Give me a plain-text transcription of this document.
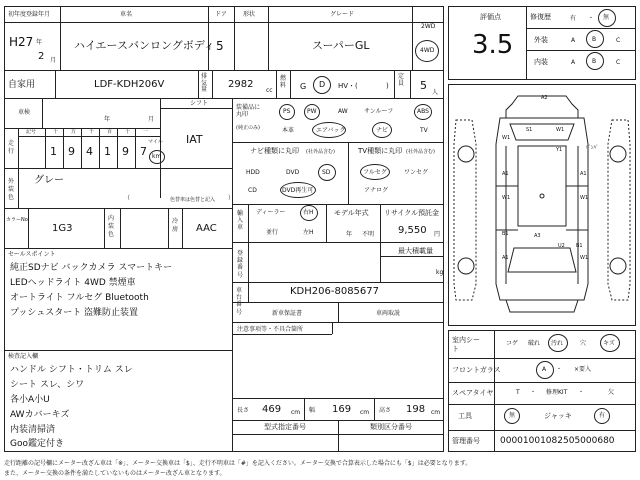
初年度登録年月	車名	ドア	形状	グレード
H27 年
2 月
ハイエースバンロングボディ 5	スーパーGL
2WD
4WD
自家用	LDF-KDH206V
排気量 2982
cc
燃料 G D HV・(	)
定員 5
人
車検
年	月
シフト
IAT
走行
記号	十	万	千	百	十	一
1 9 4 1 9 7
マイル
km
外装色
グレー
（	）
色替車は色替と記入
カラーNo.
1G3
内装色
冷房 AAC
セールスポイント
純正SDナビ バックカメラ スマートキー
LEDヘッドライト 4WD 禁煙車
オートライト フルセグ Bluetooth
プッシュスタート 盗難防止装置
検査記入欄
ハンドル シフト・トリム スレ
シート スレ、シワ
各小A小U
AWカバーキズ
内装清掃済
Goo鑑定付き
装備品に丸印
(純正のみ)
PS	PW	AW	サンルーフ	ABS
本革	エアバック	ナビ	TV
ナビ種類に丸印 (社外品含む)
HDD	DVD	SD
CD	DVD再生可
TV種類に丸印 (社外品含む)
フルセグ	ワンセグ
アナログ
輸入車
ディーラー	右H
並行	左H
モデル年式
年 不明
リサイクル預託金
9,550 円
登録番号
最大積載量
kg
車台番号
KDH206-8085677
新車保証書	車両取説
注意事項等・不具合箇所
長さ 469 cm 幅 169 cm 高さ 198 cm
型式指定番号	類別区分番号
評価点
3.5
修復歴	有 ・ 無
外装	A	B	C
内装	A	B	C
A2
S1	W1
W1
Y1
A1	A1
W1	W1
B1	A3
U2 B1
A1	W1
ﾊﾞﾝﾊﾟ
室内シート
コゲ 破れ 汚れ	穴	キズ
フロントガラス	A ・ ×要入
スペアタイヤ	T ・ 修理KIT ・	欠
工具	無	ジャッキ	有
管理番号 00001001082505000680
走行距離の記号欄にメーター改ざん車は「※」、メーター交換車は「$」、走行不明車は「#」を記入ください。メーター交換で合算表示した場合にも「$」は必要となります。
また、メーター交換の条件を満たしていないものはメーター改ざん車となります。
